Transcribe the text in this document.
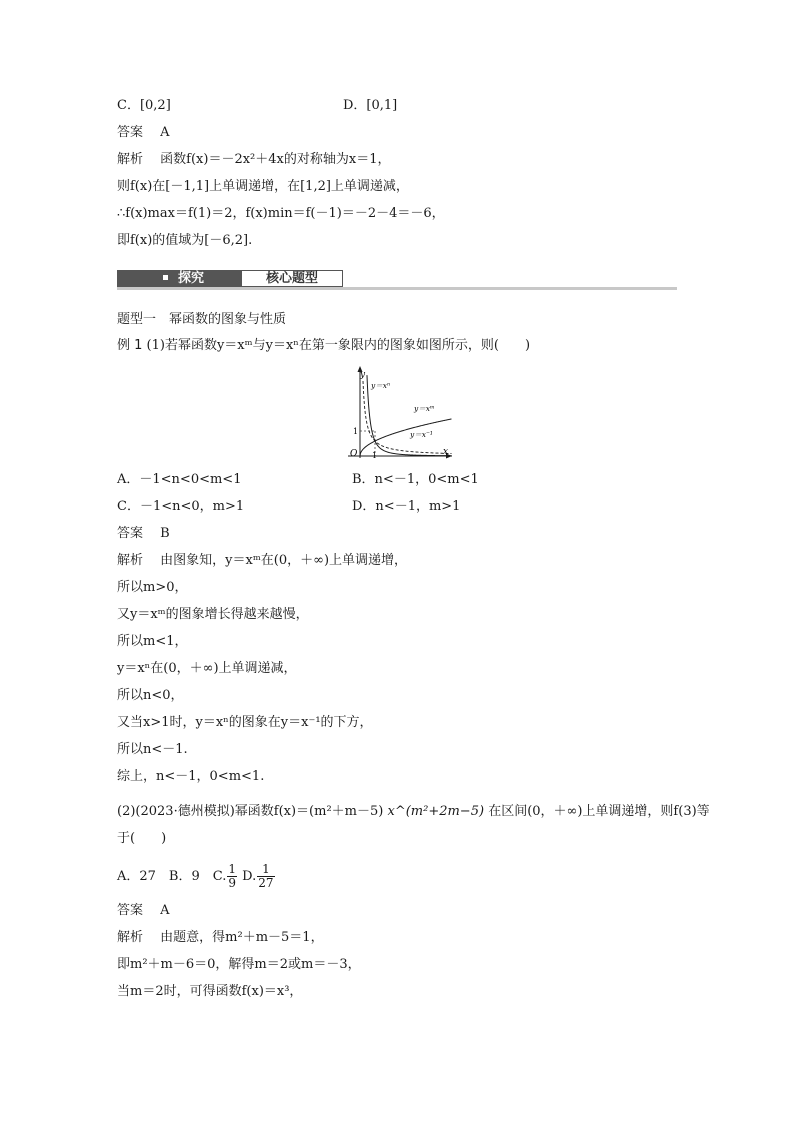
C．[0,2]	D．[0,1]
答案　 A
解析　 函数f(x)＝－2x²＋4x的对称轴为x＝1，
则f(x)在[－1,1]上单调递增，在[1,2]上单调递减，
∴f(x)max＝f(1)＝2，f(x)min＝f(－1)＝－2－4＝－6，
即f(x)的值域为[－6,2].
探究	核心题型
题型一　幂函数的图象与性质
例 1 (1)若幂函数y＝xᵐ与y＝xⁿ在第一象限内的图象如图所示，则(　　)
y
x
O 1
1
y＝xⁿ
y＝xᵐ
y＝x⁻¹
A．－1<n<0<m<1	B．n<－1，0<m<1
C．－1<n<0，m>1	D．n<－1，m>1
答案　 B
解析　 由图象知，y＝xᵐ在(0，＋∞)上单调递增，
所以m>0，
又y＝xᵐ的图象增长得越来越慢，
所以m<1，
y＝xⁿ在(0，＋∞)上单调递减，
所以n<0，
又当x>1时，y＝xⁿ的图象在y＝x⁻¹的下方，
所以n<－1.
综上，n<－1，0<m<1.
(2)(2023·德州模拟)幂函数f(x)＝(m²＋m－5) x^(m²+2m−5) 在区间(0，＋∞)上单调递增，则f(3)等
于(　　)
A．27　B．9　C. $\frac{1}{9} D$. $\frac{1}{27}$
答案　 A
解析　 由题意，得m²＋m－5＝1，
即m²＋m－6＝0，解得m＝2或m＝－3，
当m＝2时，可得函数f(x)＝x³，
